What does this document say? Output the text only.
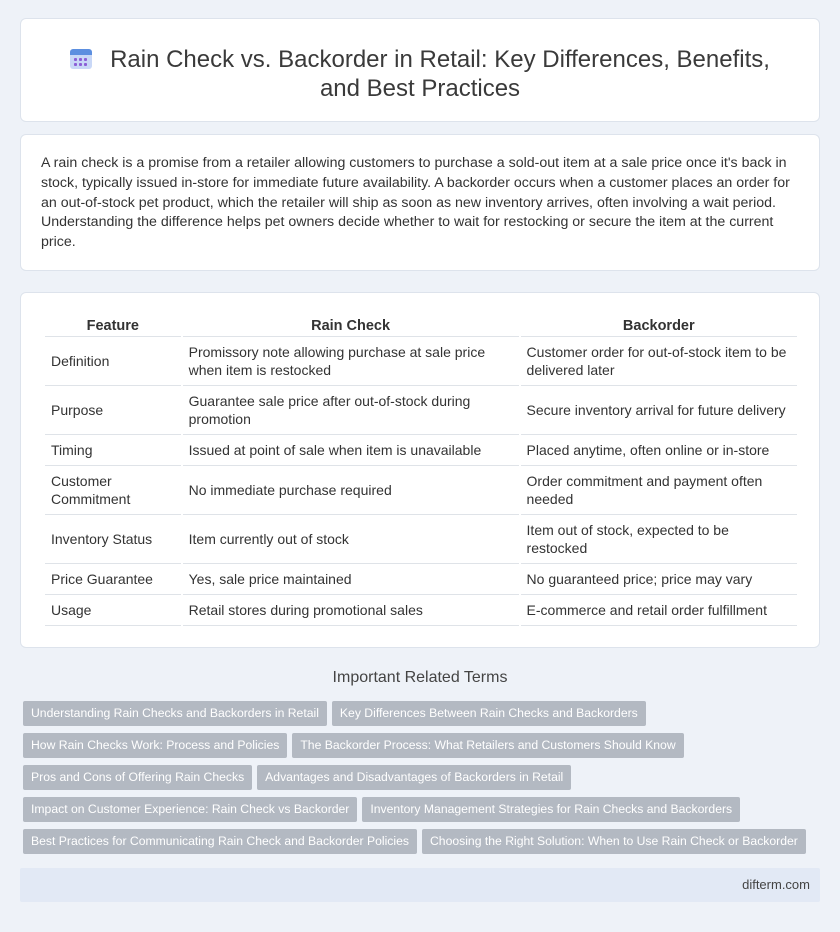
Rain Check vs. Backorder in Retail: Key Differences, Benefits, and Best Practices

A rain check is a promise from a retailer allowing customers to purchase a sold-out item at a sale price once it's back in stock, typically issued in-store for immediate future availability. A backorder occurs when a customer places an order for an out-of-stock pet product, which the retailer will ship as soon as new inventory arrives, often involving a wait period. Understanding the difference helps pet owners decide whether to wait for restocking or secure the item at the current price.

Feature	Rain Check	Backorder
Definition	Promissory note allowing purchase at sale price when item is restocked	Customer order for out-of-stock item to be delivered later
Purpose	Guarantee sale price after out-of-stock during promotion	Secure inventory arrival for future delivery
Timing	Issued at point of sale when item is unavailable	Placed anytime, often online or in-store
Customer Commitment	No immediate purchase required	Order commitment and payment often needed
Inventory Status	Item currently out of stock	Item out of stock, expected to be restocked
Price Guarantee	Yes, sale price maintained	No guaranteed price; price may vary
Usage	Retail stores during promotional sales	E-commerce and retail order fulfillment
Important Related Terms
Understanding Rain Checks and Backorders in Retail Key Differences Between Rain Checks and Backorders
How Rain Checks Work: Process and Policies The Backorder Process: What Retailers and Customers Should Know
Pros and Cons of Offering Rain Checks Advantages and Disadvantages of Backorders in Retail
Impact on Customer Experience: Rain Check vs Backorder Inventory Management Strategies for Rain Checks and Backorders
Best Practices for Communicating Rain Check and Backorder Policies Choosing the Right Solution: When to Use Rain Check or Backorder
difterm.com
